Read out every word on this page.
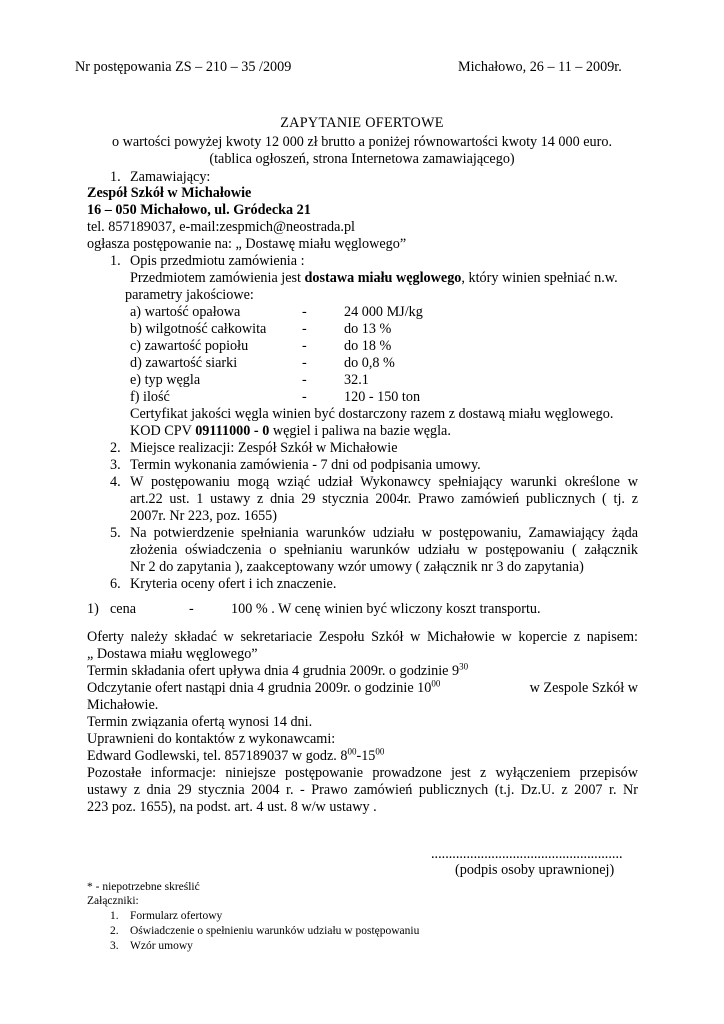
Nr postępowania ZS – 210 – 35 /2009	Michałowo, 26 – 11 – 2009r.
ZAPYTANIE OFERTOWE
o wartości powyżej kwoty 12 000 zł brutto a poniżej równowartości kwoty 14 000 euro.
(tablica ogłoszeń, strona Internetowa zamawiającego)
1. Zamawiający:
Zespół Szkół w Michałowie
16 – 050 Michałowo, ul. Gródecka 21
tel. 857189037, e-mail:zespmich@neostrada.pl
ogłasza postępowanie na: „ Dostawę miału węglowego”
1. Opis przedmiotu zamówienia :
Przedmiotem zamówienia jest dostawa miału węglowego, który winien spełniać n.w.
parametry jakościowe:
a) wartość opałowa	-	24 000 MJ/kg
b) wilgotność całkowita	-	do 13 %
c) zawartość popiołu	-	do 18 %
d) zawartość siarki	-	do 0,8 %
e) typ węgla	-	32.1
f) ilość	-	120 - 150 ton
Certyfikat jakości węgla winien być dostarczony razem z dostawą miału węglowego.
KOD CPV 09111000 - 0 węgiel i paliwa na bazie węgla.
2. Miejsce realizacji: Zespół Szkół w Michałowie
3. Termin wykonania zamówienia - 7 dni od podpisania umowy.
4. W postępowaniu mogą wziąć udział Wykonawcy spełniający warunki określone w
art.22 ust. 1 ustawy z dnia 29 stycznia 2004r. Prawo zamówień publicznych ( tj. z
2007r. Nr 223, poz. 1655)
5. Na potwierdzenie spełniania warunków udziału w postępowaniu, Zamawiający żąda
złożenia oświadczenia o spełnianiu warunków udziału w postępowaniu ( załącznik
Nr 2 do zapytania ), zaakceptowany wzór umowy ( załącznik nr 3 do zapytania)
6. Kryteria oceny ofert i ich znaczenie.
1) cena	-	100 % . W cenę winien być wliczony koszt transportu.
Oferty należy składać w sekretariacie Zespołu Szkół w Michałowie w kopercie z napisem:
„ Dostawa miału węglowego”
Termin składania ofert upływa dnia 4 grudnia 2009r. o godzinie $9^{30}$
Odczytanie ofert nastąpi dnia 4 grudnia 2009r. o godzinie $10^{00}$	w Zespole Szkół w
Michałowie.
Termin związania ofertą wynosi 14 dni.
Uprawnieni do kontaktów z wykonawcami:
Edward Godlewski, tel. 857189037 w godz. $8^{00}-15^{00}$
Pozostałe informacje: niniejsze postępowanie prowadzone jest z wyłączeniem przepisów
ustawy z dnia 29 stycznia 2004 r. - Prawo zamówień publicznych (t.j. Dz.U. z 2007 r. Nr
223 poz. 1655), na podst. art. 4 ust. 8 w/w ustawy .
......................................................
(podpis osoby uprawnionej)
* - niepotrzebne skreślić
Załączniki:
1. Formularz ofertowy
2. Oświadczenie o spełnieniu warunków udziału w postępowaniu
3. Wzór umowy
